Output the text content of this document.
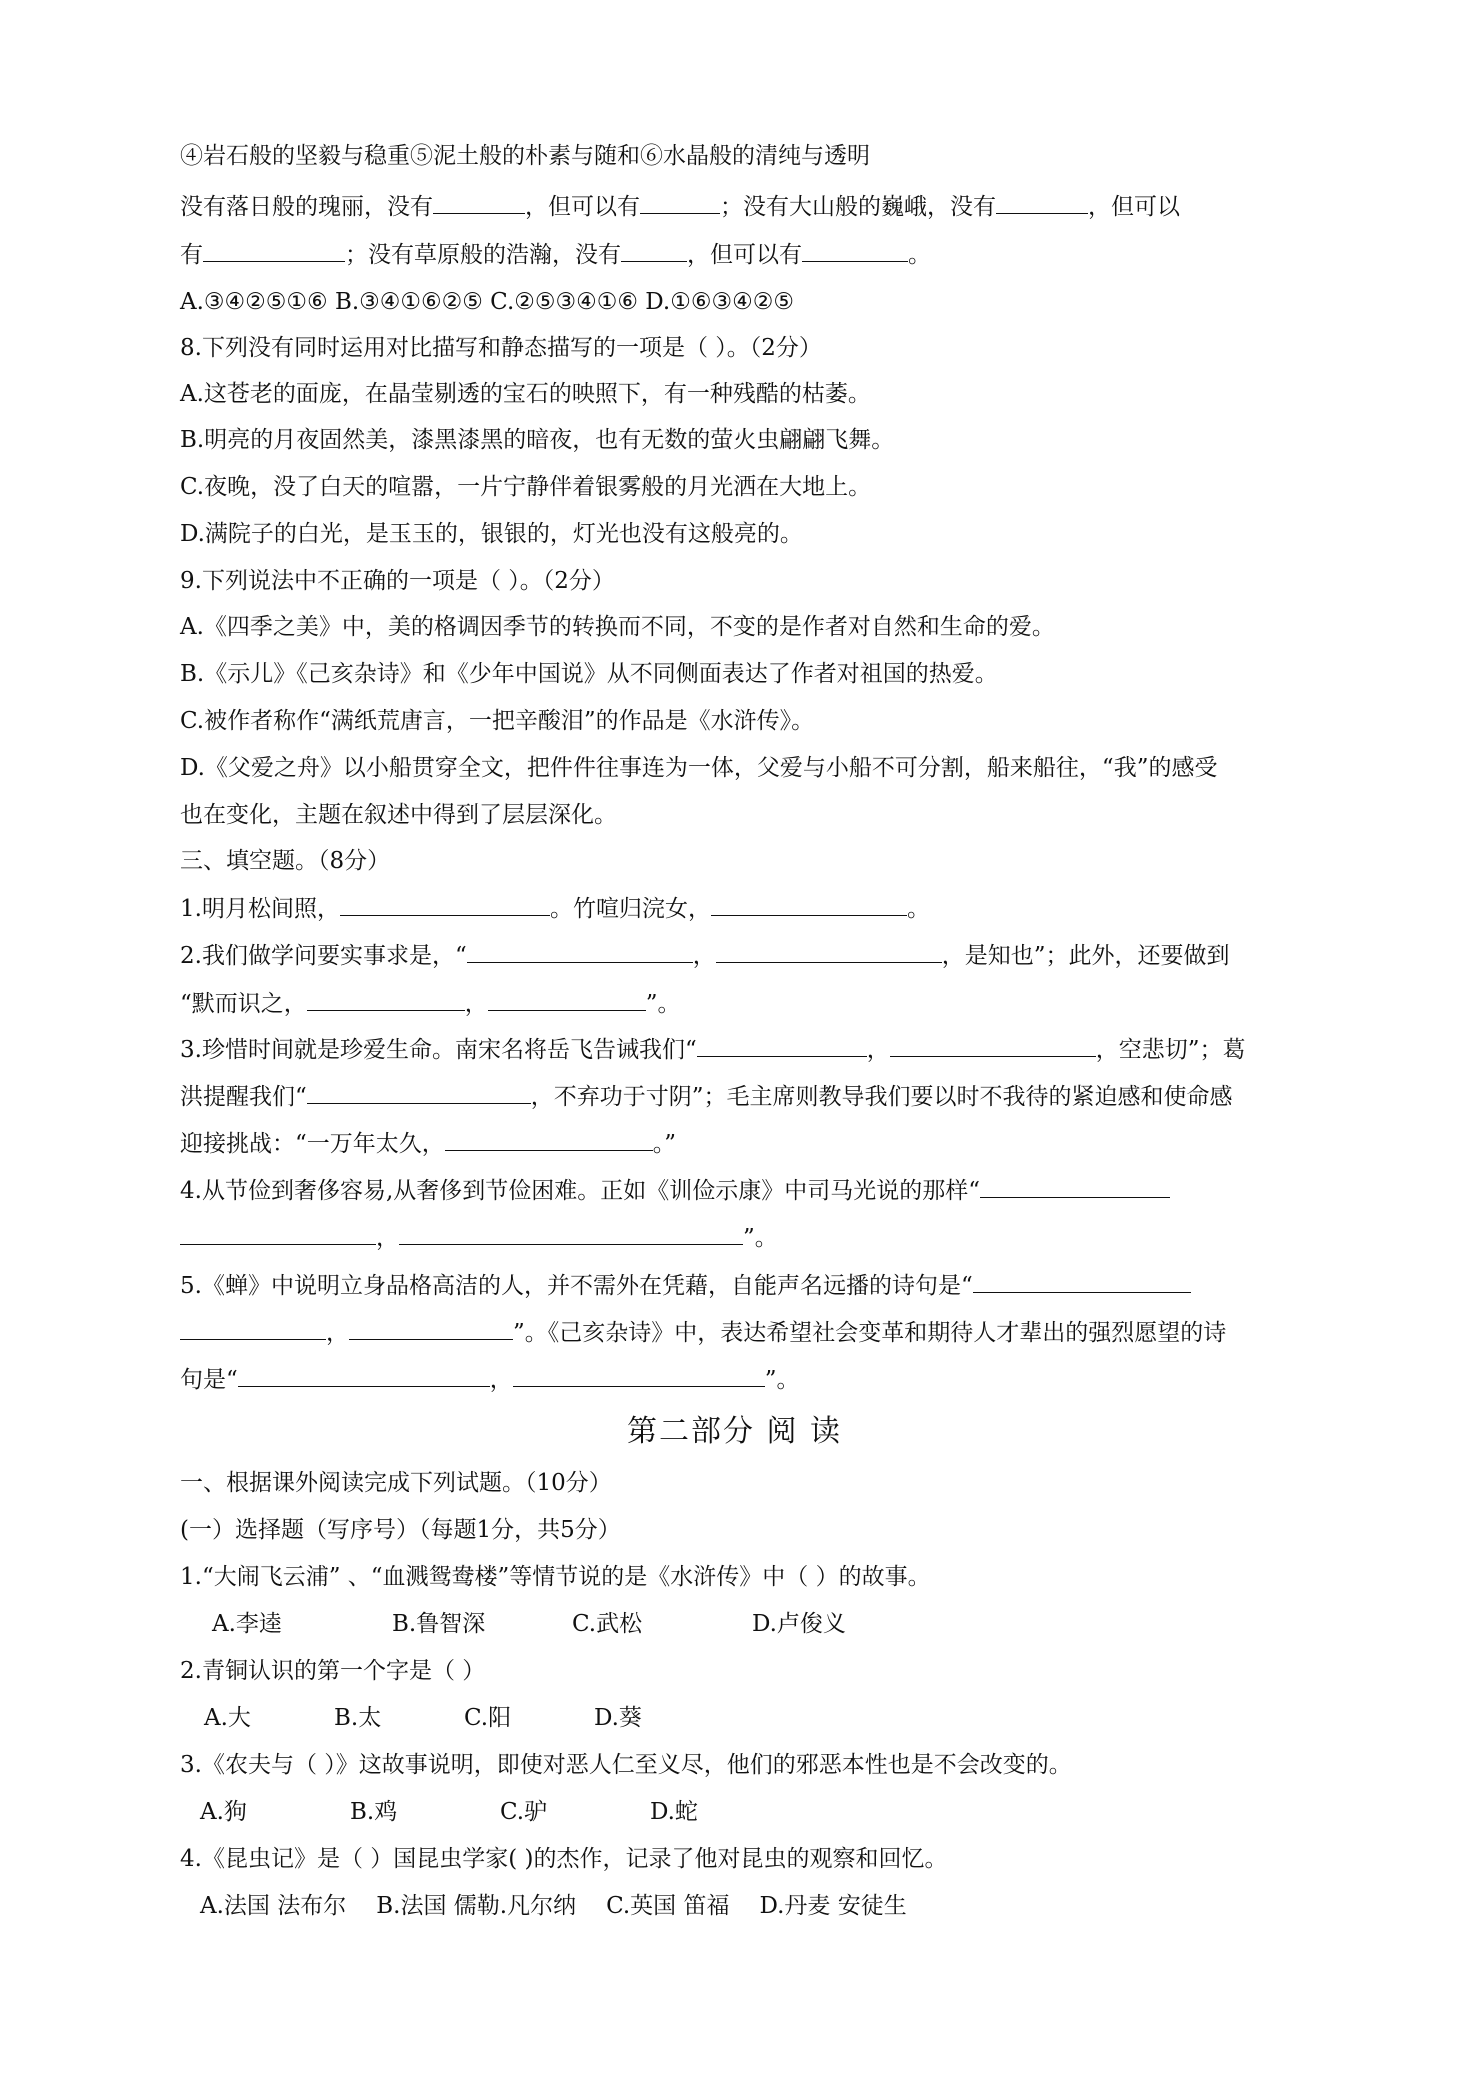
④岩石般的坚毅与稳重⑤泥土般的朴素与随和⑥水晶般的清纯与透明
没有落日般的瑰丽，没有	，但可以有	；没有大山般的巍峨，没有	，但可以
有	；没有草原般的浩瀚，没有	，但可以有	。
A.③④②⑤①⑥ B.③④①⑥②⑤ C.②⑤③④①⑥ D.①⑥③④②⑤
8.下列没有同时运用对比描写和静态描写的一项是（ ）。（2分）
A.这苍老的面庞，在晶莹剔透的宝石的映照下，有一种残酷的枯萎。
B.明亮的月夜固然美，漆黑漆黑的暗夜，也有无数的萤火虫翩翩飞舞。
C.夜晚，没了白天的喧嚣，一片宁静伴着银雾般的月光洒在大地上。
D.满院子的白光，是玉玉的，银银的，灯光也没有这般亮的。
9.下列说法中不正确的一项是（ ）。（2分）
A.《四季之美》中，美的格调因季节的转换而不同，不变的是作者对自然和生命的爱。
B.《示儿》《己亥杂诗》和《少年中国说》从不同侧面表达了作者对祖国的热爱。
C.被作者称作“满纸荒唐言，一把辛酸泪”的作品是《水浒传》。
D.《父爱之舟》以小船贯穿全文，把件件往事连为一体，父爱与小船不可分割，船来船往，“我”的感受
也在变化，主题在叙述中得到了层层深化。
三、填空题。（8分）
1.明月松间照，	。竹喧归浣女，	。
2.我们做学问要实事求是，“	，	，是知也”；此外，还要做到
“默而识之，	，	”。
3.珍惜时间就是珍爱生命。南宋名将岳飞告诫我们“	，	，空悲切”；葛
洪提醒我们“	，不弃功于寸阴”；毛主席则教导我们要以时不我待的紧迫感和使命感
迎接挑战：“一万年太久，	。”
4.从节俭到奢侈容易,从奢侈到节俭困难。正如《训俭示康》中司马光说的那样“
，	”。
5.《蝉》中说明立身品格高洁的人，并不需外在凭藉，自能声名远播的诗句是“
，	”。《己亥杂诗》中，表达希望社会变革和期待人才辈出的强烈愿望的诗
句是“	，	”。
第二部分 阅 读
一、根据课外阅读完成下列试题。（10分）
(一）选择题（写序号）（每题1分，共5分）
1.“大闹飞云浦” 、“血溅鸳鸯楼”等情节说的是《水浒传》中（ ）的故事。
A.李逵	B.鲁智深	C.武松	D.卢俊义
2.青铜认识的第一个字是（ ）
A.大	B.太	C.阳	D.葵
3.《农夫与（ ）》这故事说明，即使对恶人仁至义尽，他们的邪恶本性也是不会改变的。
A.狗	B.鸡	C.驴	D.蛇
4.《昆虫记》是（ ）国昆虫学家( )的杰作，记录了他对昆虫的观察和回忆。
A.法国 法布尔 B.法国 儒勒.凡尔纳 C.英国 笛福 D.丹麦 安徒生
